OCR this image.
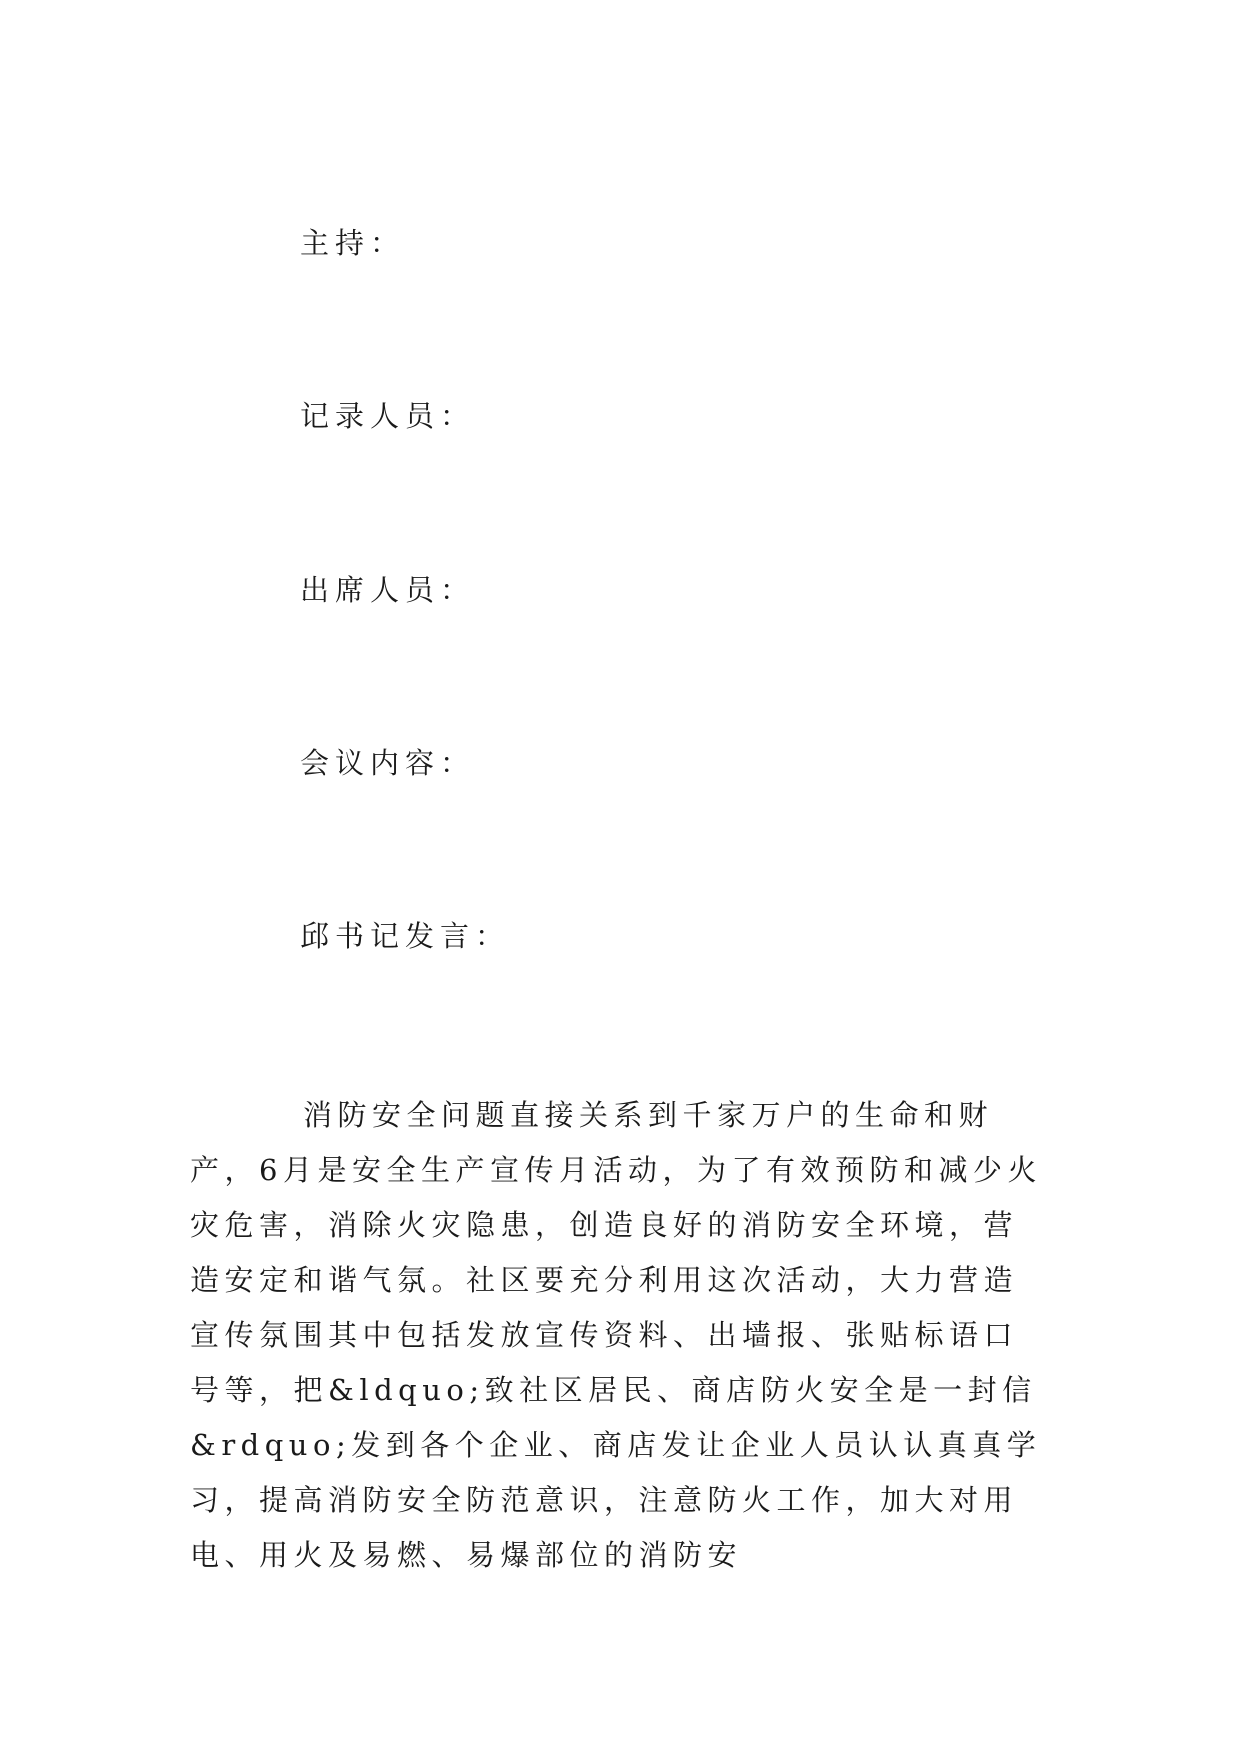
主持：
记录人员：
出席人员：
会议内容：
邱书记发言：

消防安全问题直接关系到千家万户的生命和财产，6月是安全生产宣传月活动，为了有效预防和减少火灾危害，消除火灾隐患，创造良好的消防安全环境，营造安定和谐气氛。社区要充分利用这次活动，大力营造宣传氛围其中包括发放宣传资料、出墙报、张贴标语口号等，把&ldquo;致社区居民、商店防火安全是一封信&rdquo;发到各个企业、商店发让企业人员认认真真学习，提高消防安全防范意识，注意防火工作，加大对用电、用火及易燃、易爆部位的消防安
